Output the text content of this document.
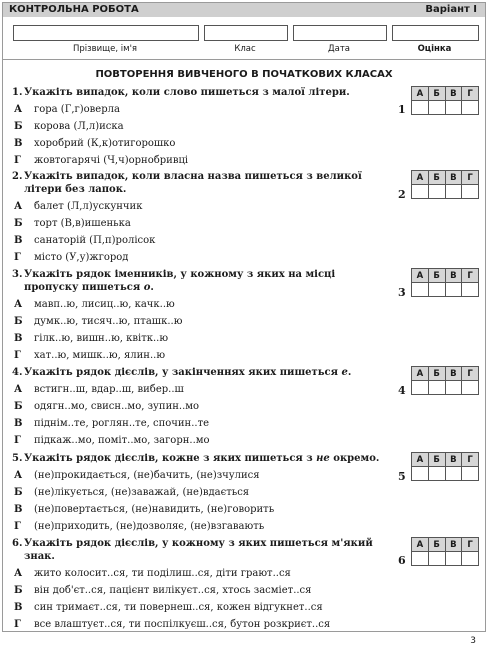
КОНТРОЛЬНА РОБОТА	Варіант I
Прізвище, ім'я	Клас	Дата	Оцінка
ПОВТОРЕННЯ ВИВЧЕНОГО В ПОЧАТКОВИХ КЛАСАХ
1. Укажіть випадок, коли слово пишеться з малої літери.
А	гора (Г,г)оверла
Б	корова (Л,л)иска
В	хоробрий (К,к)отигорошко
Г	жовтогарячі (Ч,ч)орнобривці
1
А	Б	В	Г

2. Укажіть випадок, коли власна назва пишеться з великої літери без лапок.
А	балет (Л,л)ускунчик
Б	торт (В,в)ишенька
В	санаторій (П,п)ролісок
Г	місто (У,у)жгород
2
А	Б	В	Г

3. Укажіть рядок іменників, у кожному з яких на місці пропуску пишеться о.
А	мавп..ю, лисиц..ю, качк..ю
Б	думк..ю, тисяч..ю, пташк..ю
В	гілк..ю, вишн..ю, квітк..ю
Г	хат..ю, мишк..ю, ялин..ю
3
А	Б	В	Г

4. Укажіть рядок дієслів, у закінченнях яких пишеться е.
А	встигн..ш, вдар..ш, вибер..ш
Б	одягн..мо, свисн..мо, зупин..мо
В	піднім..те, роглян..те, спочин..те
Г	підкаж..мо, поміт..мо, загорн..мо
4
А	Б	В	Г

5. Укажіть рядок дієслів, кожне з яких пишеться з не окремо.
А	(не)прокидається, (не)бачить, (не)зчулися
Б	(не)лікується, (не)заважай, (не)вдається
В	(не)повертається, (не)навидить, (не)говорить
Г	(не)приходить, (не)дозволяє, (не)взгавають
5
А	Б	В	Г

6. Укажіть рядок дієслів, у кожному з яких пишеться м'який знак.
А	жито колосит..ся, ти поділиш..ся, діти грают..ся
Б	він доб'єт..ся, пацієнт вилікуєт..ся, хтось засміет..ся
В	син тримаєт..ся, ти повернеш..ся, кожен відгукнет..ся
Г	все влаштуєт..ся, ти поспілкуєш..ся, бутон розкриєт..ся
6
А	Б	В	Г

3
